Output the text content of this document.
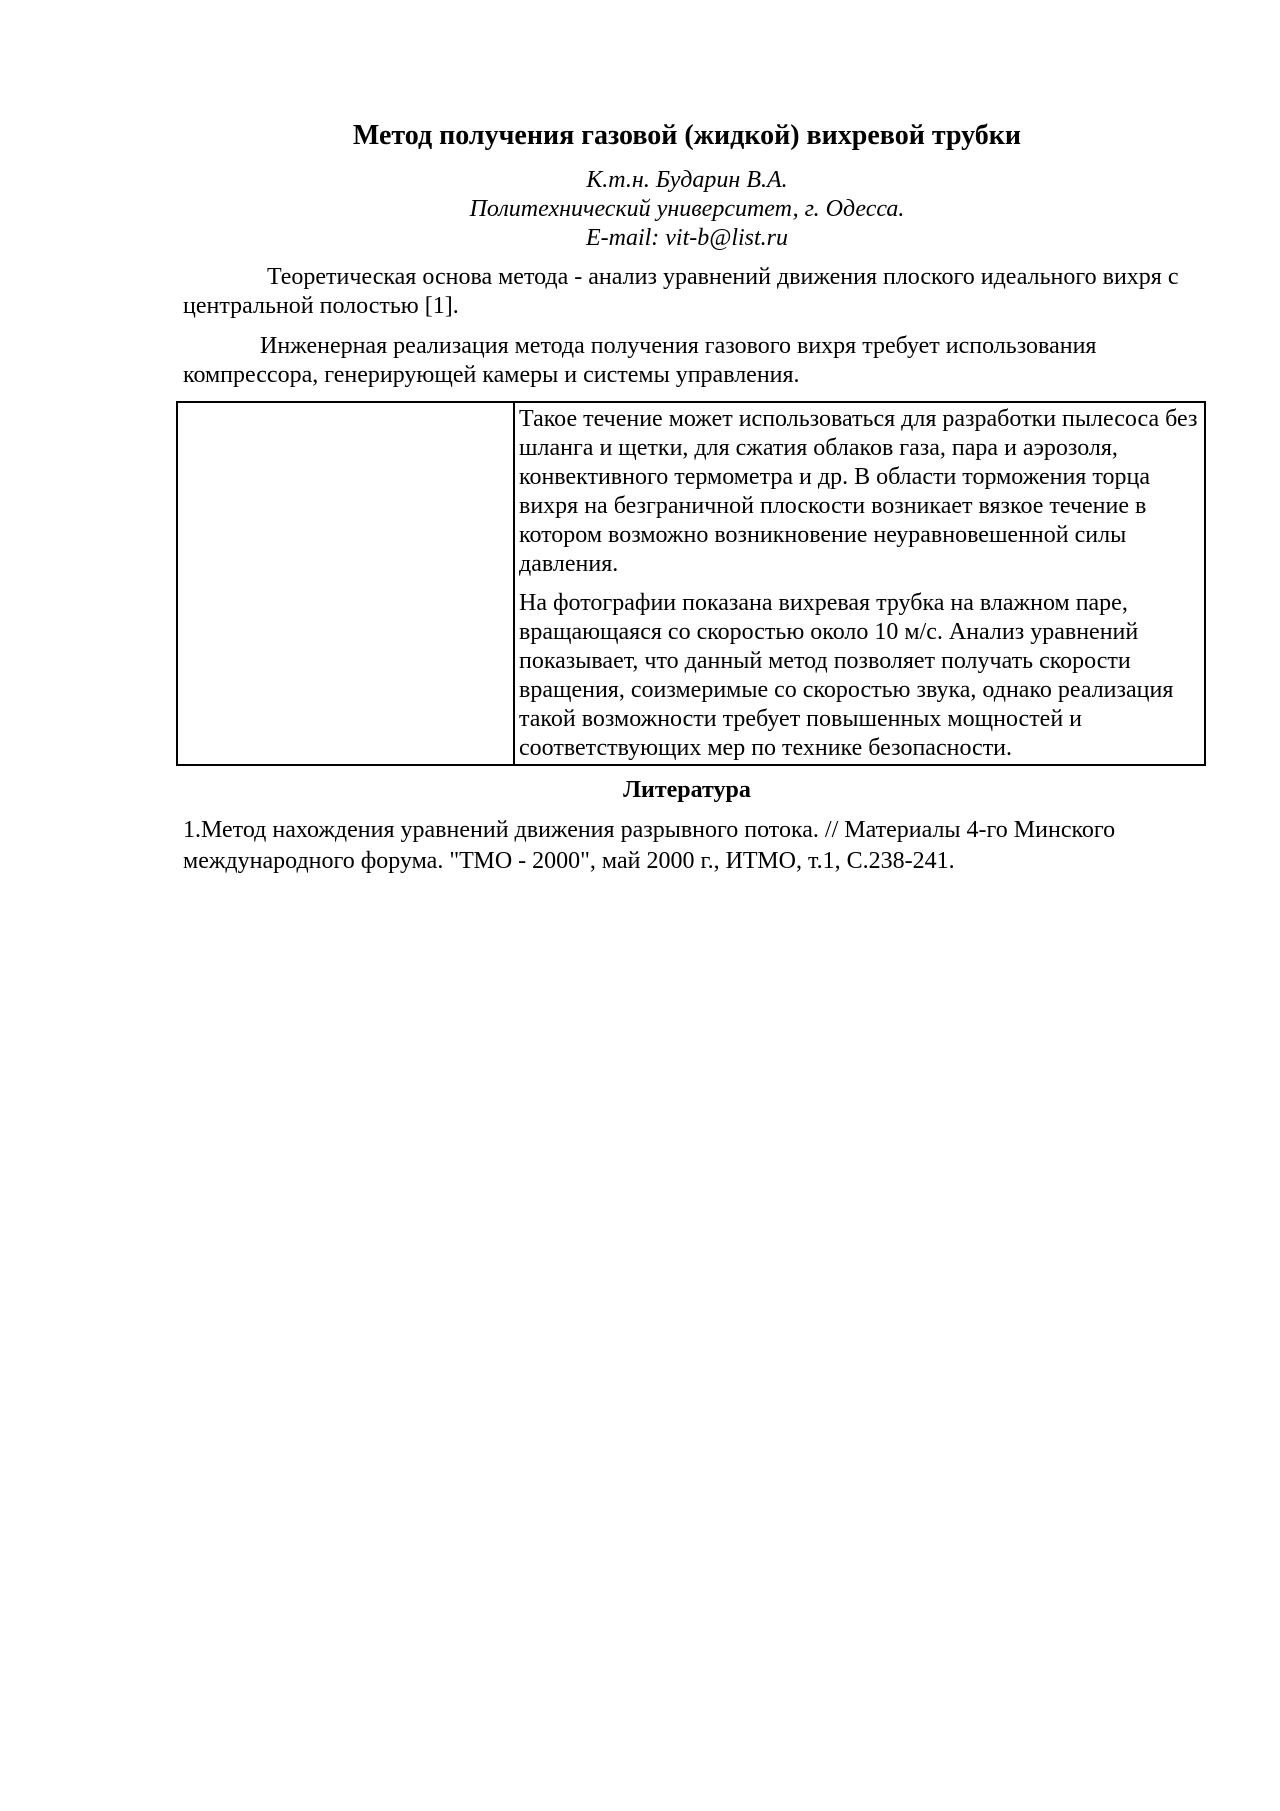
Метод получения газовой (жидкой) вихревой трубки
К.т.н. Бударин В.А.
Политехнический университет, г. Одесса.
E-mail: vit-b@list.ru

Теоретическая основа метода - анализ уравнений движения плоского идеального вихря с центральной полостью [1].

Инженерная реализация метода получения газового вихря требует использования компрессора, генерирующей камеры и системы управления.

Такое течение может использоваться для разработки пылесоса без шланга и щетки, для сжатия облаков газа, пара и аэрозоля, конвективного термометра и др. В области торможения торца вихря на безграничной плоскости возникает вязкое течение в котором возможно возникновение неуравновешенной силы давления.

На фотографии показана вихревая трубка на влажном паре, вращающаяся со скоростью около 10 м/с. Анализ уравнений показывает, что данный метод позволяет получать скорости вращения, соизмеримые со скоростью звука, однако реализация такой возможности требует повышенных мощностей и соответствующих мер по технике безопасности.

Литература

1.Метод нахождения уравнений движения разрывного потока. // Материалы 4-го Минского международного форума. "ТМО - 2000", май 2000 г., ИТМО, т.1, С.238-241.
